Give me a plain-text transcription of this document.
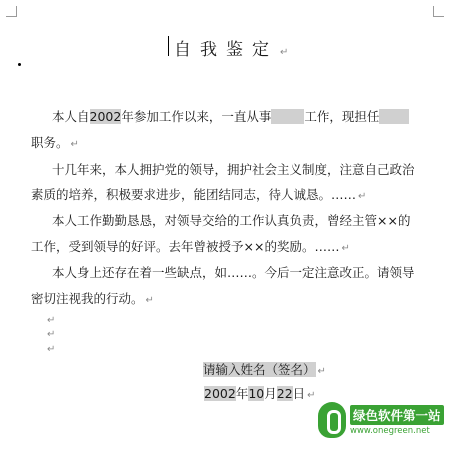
自我鉴定 ↵
本人自2002年参加工作以来，一直从事	工作，现担任
职务。 ↵
十几年来，本人拥护党的领导，拥护社会主义制度，注意自己政治
素质的培养，积极要求进步，能团结同志，待人诚恳。…… ↵
本人工作勤勤恳恳，对领导交给的工作认真负责，曾经主管××的
工作，受到领导的好评。去年曾被授予××的奖励。…… ↵
本人身上还存在着一些缺点，如……。今后一定注意改正。请领导
密切注视我的行动。 ↵
↵
↵
↵
请输入姓名（签名） ↵
2002年10月22日 ↵
绿色软件第一站
www.onegreen.net
